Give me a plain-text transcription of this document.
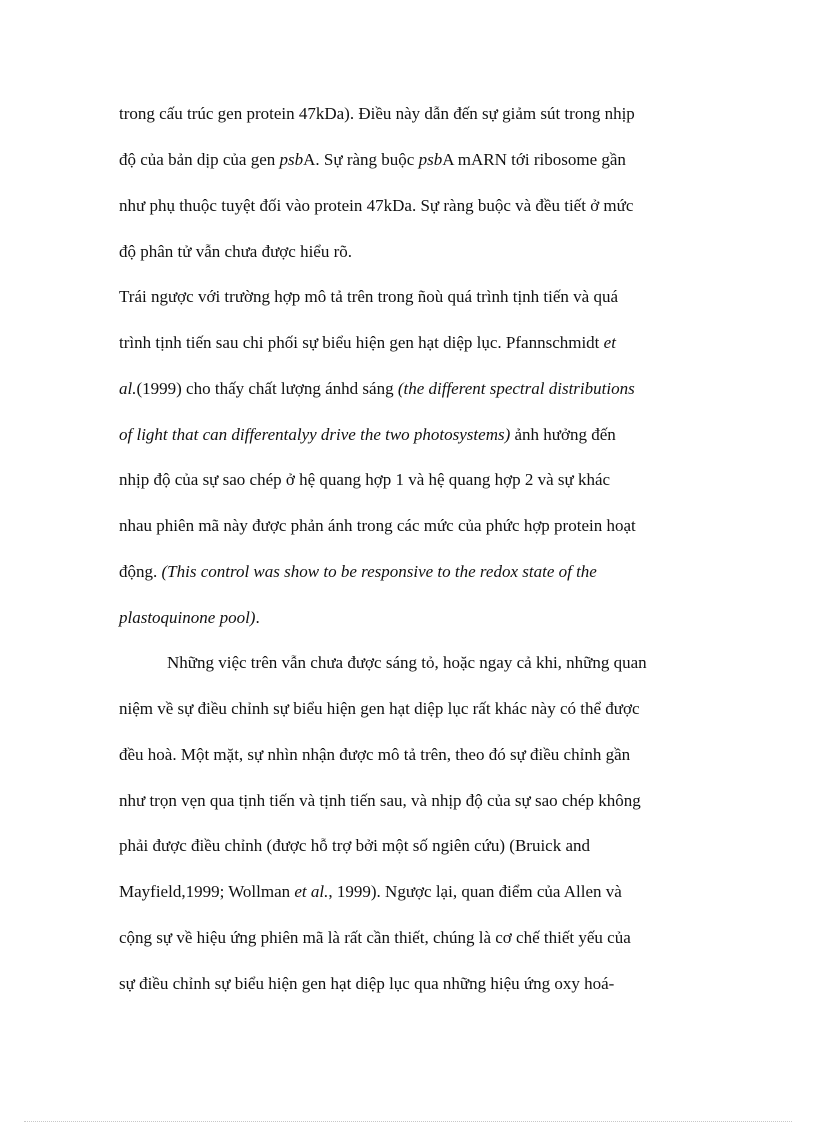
trong cấu trúc gen protein 47kDa). Điều này dẫn đến sự giảm sút trong nhịp
độ của bản dịp của gen psbA. Sự ràng buộc psbA mARN tới ribosome gần
như phụ thuộc tuyệt đối vào protein 47kDa. Sự ràng buộc và đều tiết ở mức
độ phân tử vẫn chưa được hiểu rõ.
Trái ngược với trường hợp mô tả trên trong ñoù quá trình tịnh tiến và quá
trình tịnh tiến sau chi phối sự biểu hiện gen hạt diệp lục. Pfannschmidt et
al.(1999) cho thấy chất lượng ánhd sáng (the different spectral distributions
of light that can differentalyy drive the two photosystems) ảnh hưởng đến
nhịp độ của sự sao chép ở hệ quang hợp 1 và hệ quang hợp 2 và sự khác
nhau phiên mã này được phản ánh trong các mức của phức hợp protein hoạt
động. (This control was show to be responsive to the redox state of the
plastoquinone pool).
Những việc trên vẫn chưa được sáng tỏ, hoặc ngay cả khi, những quan
niệm về sự điều chỉnh sự biểu hiện gen hạt diệp lục rất khác này có thể được
đều hoà. Một mặt, sự nhìn nhận được mô tả trên, theo đó sự điều chỉnh gần
như trọn vẹn qua tịnh tiến và tịnh tiến sau, và nhịp độ của sự sao chép không
phải được điều chỉnh (được hỗ trợ bởi một số ngiên cứu) (Bruick and
Mayfield,1999; Wollman et al., 1999). Ngược lại, quan điểm của Allen và
cộng sự về hiệu ứng phiên mã là rất cần thiết, chúng là cơ chế thiết yếu của
sự điều chỉnh sự biểu hiện gen hạt diệp lục qua những hiệu ứng oxy hoá-
